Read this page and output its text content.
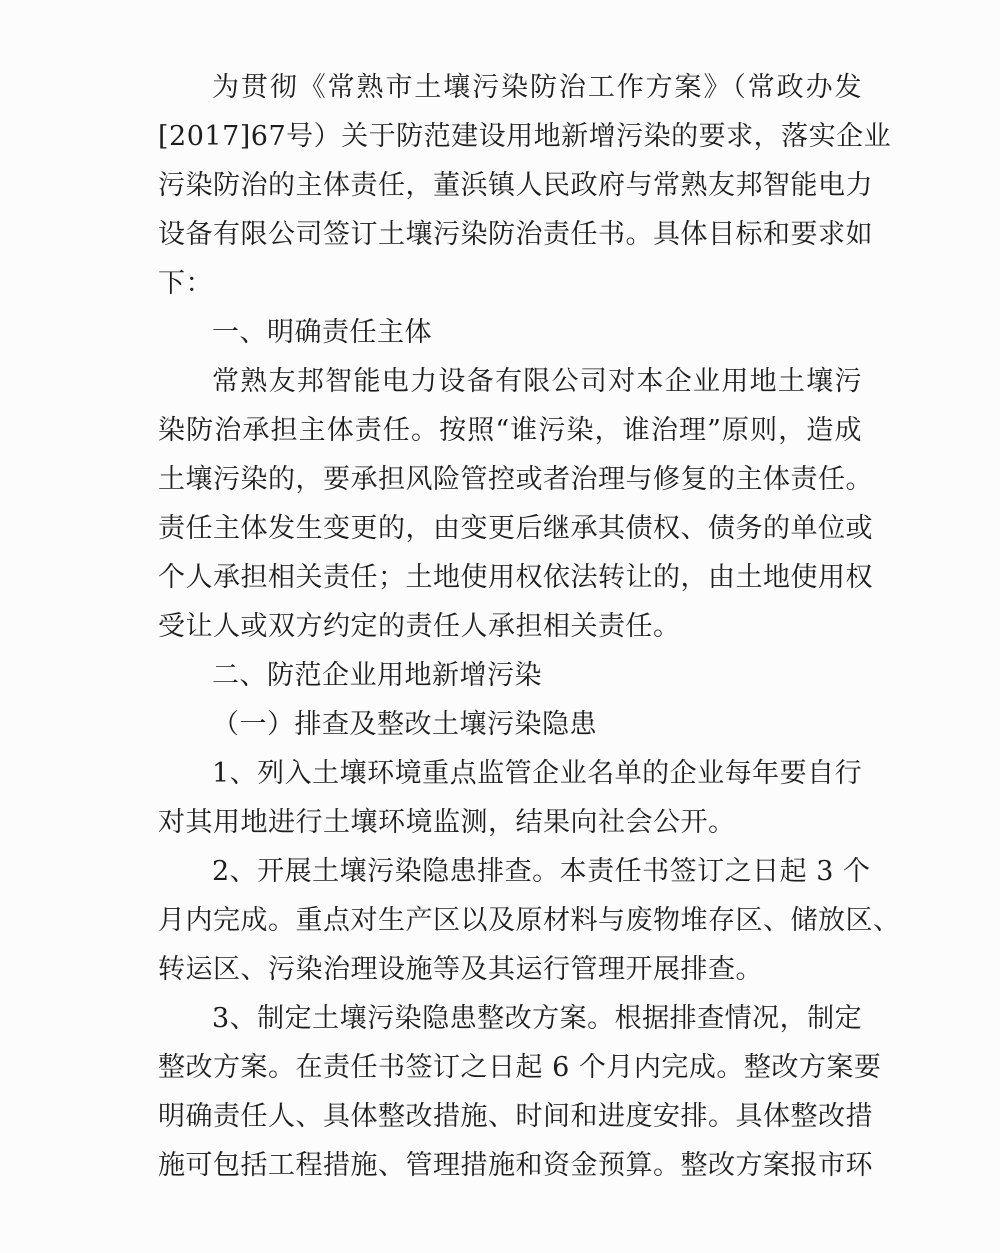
为贯彻《常熟市土壤污染防治工作方案》（常政办发
[2017]67号）关于防范建设用地新增污染的要求，落实企业
污染防治的主体责任，董浜镇人民政府与常熟友邦智能电力
设备有限公司签订土壤污染防治责任书。具体目标和要求如
下：
一、明确责任主体
常熟友邦智能电力设备有限公司对本企业用地土壤污
染防治承担主体责任。按照“谁污染，谁治理”原则，造成
土壤污染的，要承担风险管控或者治理与修复的主体责任。
责任主体发生变更的，由变更后继承其债权、债务的单位或
个人承担相关责任；土地使用权依法转让的，由土地使用权
受让人或双方约定的责任人承担相关责任。
二、防范企业用地新增污染
（一）排查及整改土壤污染隐患
1、列入土壤环境重点监管企业名单的企业每年要自行
对其用地进行土壤环境监测，结果向社会公开。
2、开展土壤污染隐患排查。本责任书签订之日起 3 个
月内完成。重点对生产区以及原材料与废物堆存区、储放区、
转运区、污染治理设施等及其运行管理开展排查。
3、制定土壤污染隐患整改方案。根据排查情况，制定
整改方案。在责任书签订之日起 6 个月内完成。整改方案要
明确责任人、具体整改措施、时间和进度安排。具体整改措
施可包括工程措施、管理措施和资金预算。整改方案报市环
